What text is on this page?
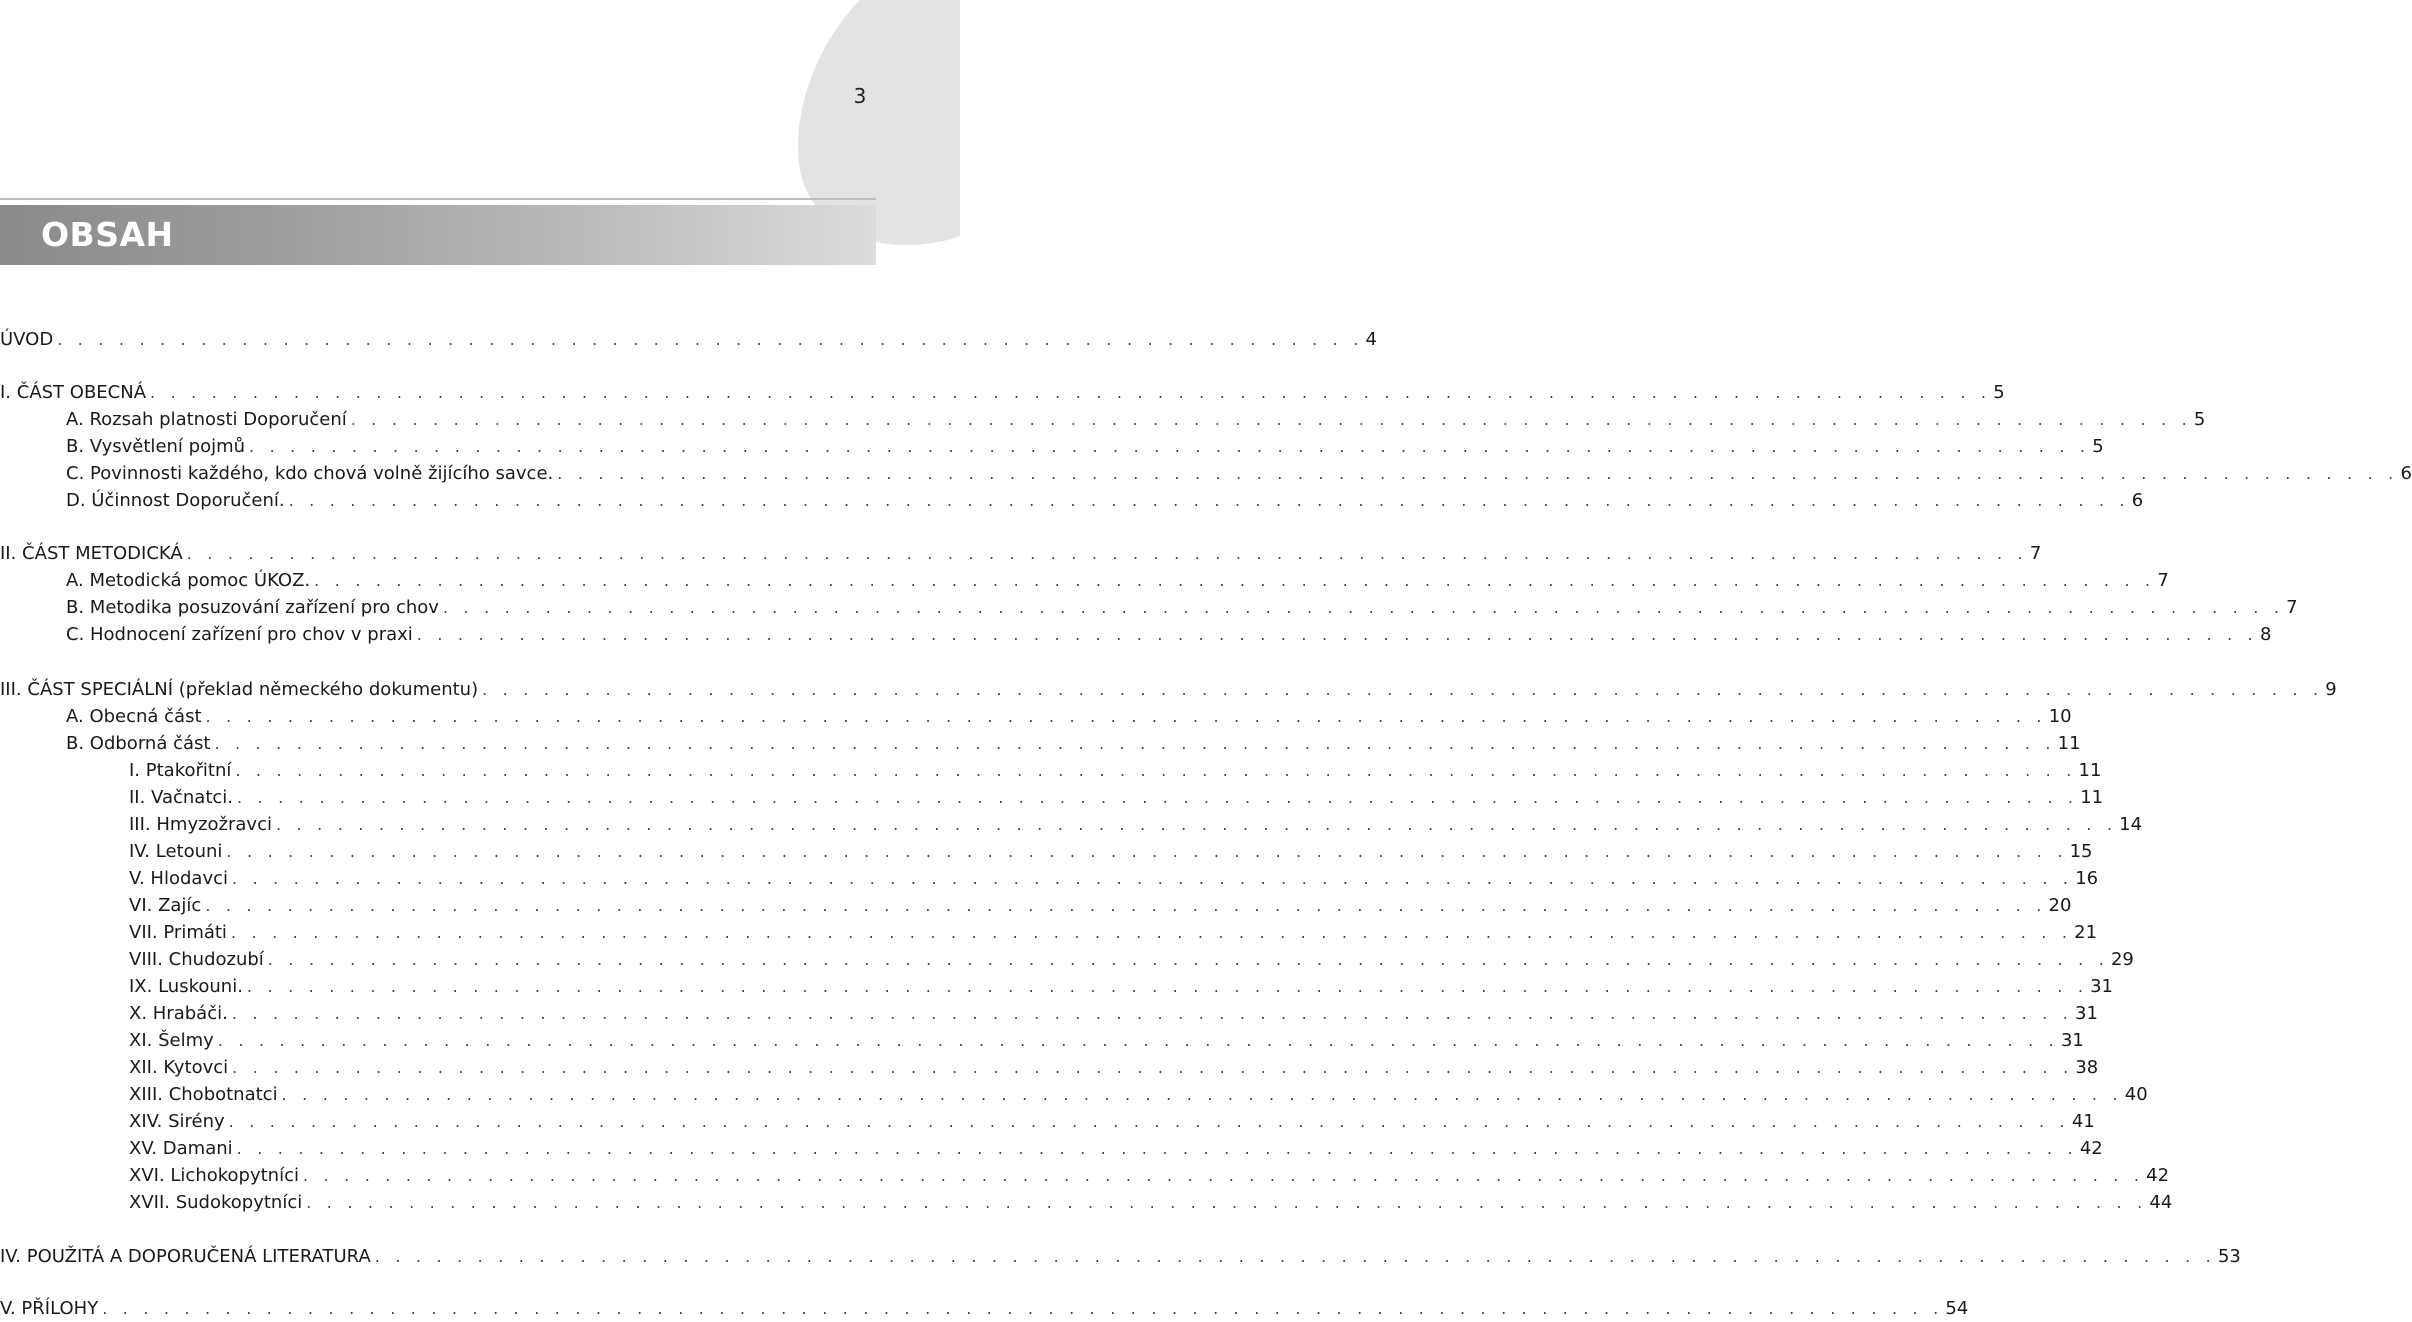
3
OBSAH
ÚVOD . . . . . . . . . . . . . . . . . . . . . . . . . . . . . . . . . . . . . . . . . . . . . . . . . . . . . . . . . . . . . . . . 4
I. ČÁST OBECNÁ . . . . . . . . . . . . . . . . . . . . . . . . . . . . . . . . . . . . . . . . . . . . . . . . . . . . . . . . . . . . . . . . . . . . . . . . . . . . . . . . . . . . . . . . . . 5
A. Rozsah platnosti Doporučení . . . . . . . . . . . . . . . . . . . . . . . . . . . . . . . . . . . . . . . . . . . . . . . . . . . . . . . . . . . . . . . . . . . . . . . . . . . . . . . . . . . . . . . . . . 5
B. Vysvětlení pojmů . . . . . . . . . . . . . . . . . . . . . . . . . . . . . . . . . . . . . . . . . . . . . . . . . . . . . . . . . . . . . . . . . . . . . . . . . . . . . . . . . . . . . . . . . . 5
C. Povinnosti každého, kdo chová volně žijícího savce. . . . . . . . . . . . . . . . . . . . . . . . . . . . . . . . . . . . . . . . . . . . . . . . . . . . . . . . . . . . . . . . . . . . . . . . . . . . . . . . . . . . . . . . . . . 6
D. Účinnost Doporučení. . . . . . . . . . . . . . . . . . . . . . . . . . . . . . . . . . . . . . . . . . . . . . . . . . . . . . . . . . . . . . . . . . . . . . . . . . . . . . . . . . . . . . . . . . . 6
II. ČÁST METODICKÁ . . . . . . . . . . . . . . . . . . . . . . . . . . . . . . . . . . . . . . . . . . . . . . . . . . . . . . . . . . . . . . . . . . . . . . . . . . . . . . . . . . . . . . . . . . 7
A. Metodická pomoc ÚKOZ. . . . . . . . . . . . . . . . . . . . . . . . . . . . . . . . . . . . . . . . . . . . . . . . . . . . . . . . . . . . . . . . . . . . . . . . . . . . . . . . . . . . . . . . . . . 7
B. Metodika posuzování zařízení pro chov . . . . . . . . . . . . . . . . . . . . . . . . . . . . . . . . . . . . . . . . . . . . . . . . . . . . . . . . . . . . . . . . . . . . . . . . . . . . . . . . . . . . . . . . . . 7
C. Hodnocení zařízení pro chov v praxi . . . . . . . . . . . . . . . . . . . . . . . . . . . . . . . . . . . . . . . . . . . . . . . . . . . . . . . . . . . . . . . . . . . . . . . . . . . . . . . . . . . . . . . . . . 8
III. ČÁST SPECIÁLNÍ (překlad německého dokumentu) . . . . . . . . . . . . . . . . . . . . . . . . . . . . . . . . . . . . . . . . . . . . . . . . . . . . . . . . . . . . . . . . . . . . . . . . . . . . . . . . . . . . . . . . . . 9
A. Obecná část . . . . . . . . . . . . . . . . . . . . . . . . . . . . . . . . . . . . . . . . . . . . . . . . . . . . . . . . . . . . . . . . . . . . . . . . . . . . . . . . . . . . . . . . . . 10
B. Odborná část . . . . . . . . . . . . . . . . . . . . . . . . . . . . . . . . . . . . . . . . . . . . . . . . . . . . . . . . . . . . . . . . . . . . . . . . . . . . . . . . . . . . . . . . . . 11
I. Ptakořitní . . . . . . . . . . . . . . . . . . . . . . . . . . . . . . . . . . . . . . . . . . . . . . . . . . . . . . . . . . . . . . . . . . . . . . . . . . . . . . . . . . . . . . . . . . 11
II. Vačnatci. . . . . . . . . . . . . . . . . . . . . . . . . . . . . . . . . . . . . . . . . . . . . . . . . . . . . . . . . . . . . . . . . . . . . . . . . . . . . . . . . . . . . . . . . . . 11
III. Hmyzožravci . . . . . . . . . . . . . . . . . . . . . . . . . . . . . . . . . . . . . . . . . . . . . . . . . . . . . . . . . . . . . . . . . . . . . . . . . . . . . . . . . . . . . . . . . . 14
IV. Letouni . . . . . . . . . . . . . . . . . . . . . . . . . . . . . . . . . . . . . . . . . . . . . . . . . . . . . . . . . . . . . . . . . . . . . . . . . . . . . . . . . . . . . . . . . . 15
V. Hlodavci . . . . . . . . . . . . . . . . . . . . . . . . . . . . . . . . . . . . . . . . . . . . . . . . . . . . . . . . . . . . . . . . . . . . . . . . . . . . . . . . . . . . . . . . . . 16
VI. Zajíc . . . . . . . . . . . . . . . . . . . . . . . . . . . . . . . . . . . . . . . . . . . . . . . . . . . . . . . . . . . . . . . . . . . . . . . . . . . . . . . . . . . . . . . . . . 20
VII. Primáti . . . . . . . . . . . . . . . . . . . . . . . . . . . . . . . . . . . . . . . . . . . . . . . . . . . . . . . . . . . . . . . . . . . . . . . . . . . . . . . . . . . . . . . . . . 21
VIII. Chudozubí . . . . . . . . . . . . . . . . . . . . . . . . . . . . . . . . . . . . . . . . . . . . . . . . . . . . . . . . . . . . . . . . . . . . . . . . . . . . . . . . . . . . . . . . . . 29
IX. Luskouni. . . . . . . . . . . . . . . . . . . . . . . . . . . . . . . . . . . . . . . . . . . . . . . . . . . . . . . . . . . . . . . . . . . . . . . . . . . . . . . . . . . . . . . . . . . 31
X. Hrabáči. . . . . . . . . . . . . . . . . . . . . . . . . . . . . . . . . . . . . . . . . . . . . . . . . . . . . . . . . . . . . . . . . . . . . . . . . . . . . . . . . . . . . . . . . . . 31
XI. Šelmy . . . . . . . . . . . . . . . . . . . . . . . . . . . . . . . . . . . . . . . . . . . . . . . . . . . . . . . . . . . . . . . . . . . . . . . . . . . . . . . . . . . . . . . . . . 31
XII. Kytovci . . . . . . . . . . . . . . . . . . . . . . . . . . . . . . . . . . . . . . . . . . . . . . . . . . . . . . . . . . . . . . . . . . . . . . . . . . . . . . . . . . . . . . . . . . 38
XIII. Chobotnatci . . . . . . . . . . . . . . . . . . . . . . . . . . . . . . . . . . . . . . . . . . . . . . . . . . . . . . . . . . . . . . . . . . . . . . . . . . . . . . . . . . . . . . . . . . 40
XIV. Sirény . . . . . . . . . . . . . . . . . . . . . . . . . . . . . . . . . . . . . . . . . . . . . . . . . . . . . . . . . . . . . . . . . . . . . . . . . . . . . . . . . . . . . . . . . . 41
XV. Damani . . . . . . . . . . . . . . . . . . . . . . . . . . . . . . . . . . . . . . . . . . . . . . . . . . . . . . . . . . . . . . . . . . . . . . . . . . . . . . . . . . . . . . . . . . 42
XVI. Lichokopytníci . . . . . . . . . . . . . . . . . . . . . . . . . . . . . . . . . . . . . . . . . . . . . . . . . . . . . . . . . . . . . . . . . . . . . . . . . . . . . . . . . . . . . . . . . . 42
XVII. Sudokopytníci . . . . . . . . . . . . . . . . . . . . . . . . . . . . . . . . . . . . . . . . . . . . . . . . . . . . . . . . . . . . . . . . . . . . . . . . . . . . . . . . . . . . . . . . . . 44
IV. POUŽITÁ A DOPORUČENÁ LITERATURA . . . . . . . . . . . . . . . . . . . . . . . . . . . . . . . . . . . . . . . . . . . . . . . . . . . . . . . . . . . . . . . . . . . . . . . . . . . . . . . . . . . . . . . . . . 53
V. PŘÍLOHY . . . . . . . . . . . . . . . . . . . . . . . . . . . . . . . . . . . . . . . . . . . . . . . . . . . . . . . . . . . . . . . . . . . . . . . . . . . . . . . . . . . . . . . . . . 54
